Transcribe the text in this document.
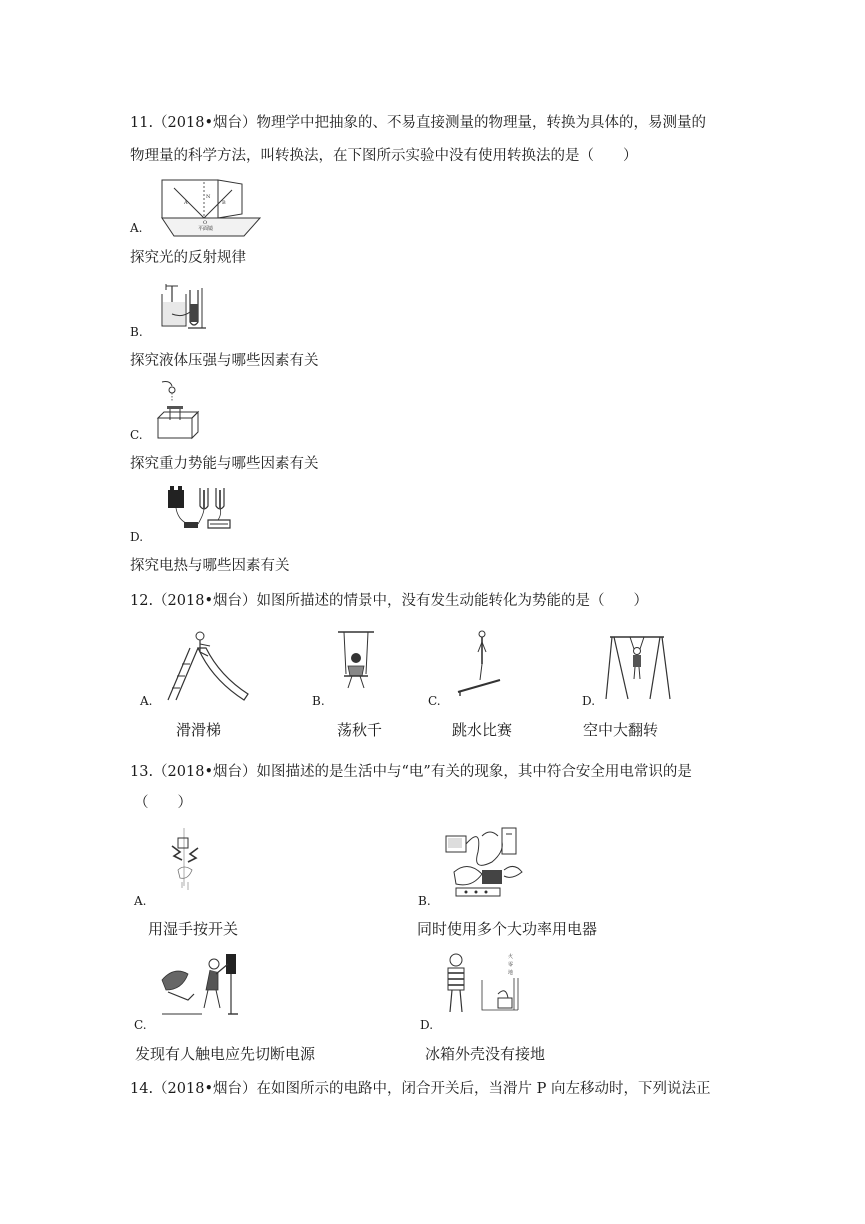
11.（2018•烟台）物理学中把抽象的、不易直接测量的物理量，转换为具体的，易测量的
物理量的科学方法，叫转换法，在下图所示实验中没有使用转换法的是（　　）
A
N
B
O
平面镜
A.
探究光的反射规律
B.
探究液体压强与哪些因素有关
C.
探究重力势能与哪些因素有关
D.
探究电热与哪些因素有关
12.（2018•烟台）如图所描述的情景中，没有发生动能转化为势能的是（　　）
A.
滑滑梯
B.
荡秋千
C.
跳水比赛
D.
空中大翻转
13.（2018•烟台）如图描述的是生活中与“电”有关的现象，其中符合安全用电常识的是
（　　）
A.
用湿手按开关
B.
同时使用多个大功率用电器
C.
发现有人触电应先切断电源
火
零
地
D.
冰箱外壳没有接地
14.（2018•烟台）在如图所示的电路中，闭合开关后，当滑片 P 向左移动时，下列说法正
